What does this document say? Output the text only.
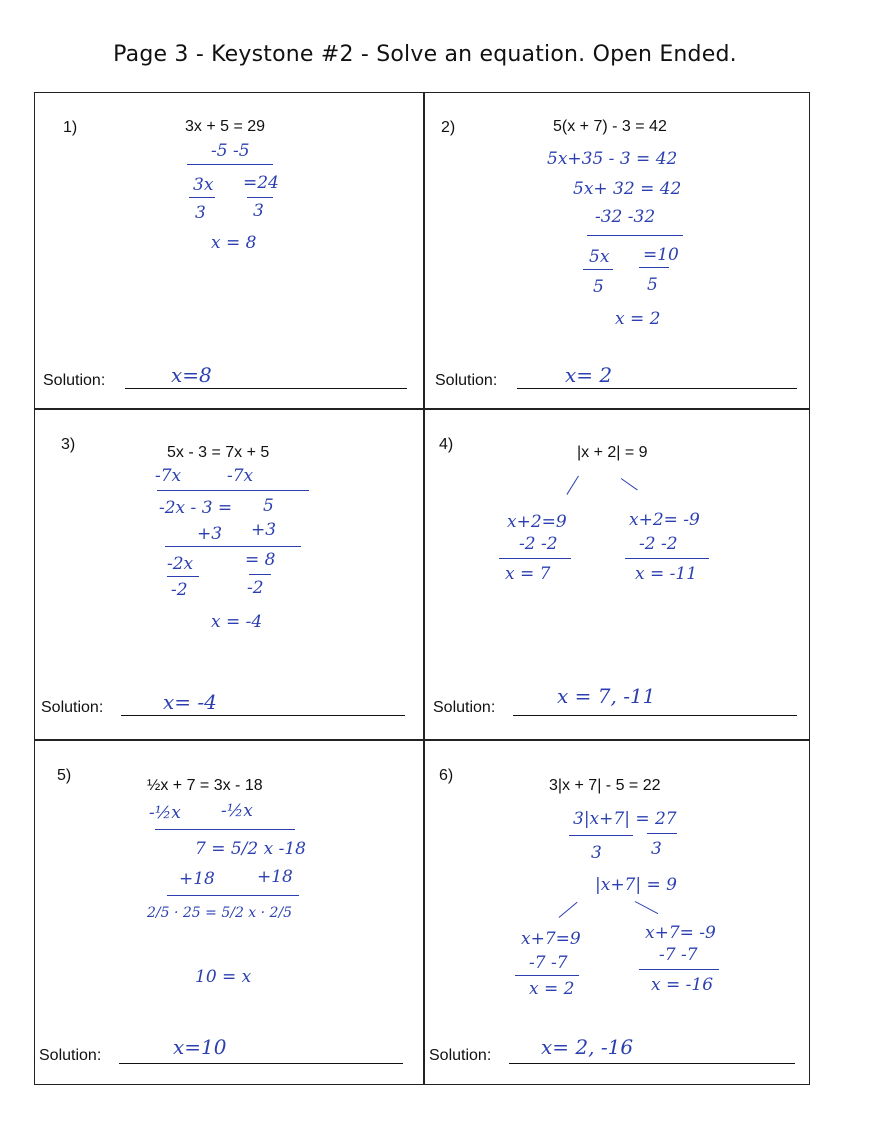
Page 3 - Keystone #2 - Solve an equation. Open Ended.
1)	3x + 5 = 29
-5 -5
3x =24
3	3
x = 8
Solution:	x=8
2)	5(x + 7) - 3 = 42
5x+35 - 3 = 42
5x+ 32 = 42
-32 -32
5x =10
5	5
x = 2
Solution:	x= 2
3)	5x - 3 = 7x + 5
-7x	-7x
-2x - 3 = 5
+3 +3
-2x	= 8
-2	-2
x = -4
Solution:	x= -4
4)	|x + 2| = 9
x+2=9
-2 -2
x = 7
x+2= -9
-2 -2
x = -11
Solution:	x = 7, -11
5)
½x + 7 = 3x - 18
-½x -½x
7 = 5/2 x -18
+18 +18
2/5 · 25 = 5/2 x · 2/5
10 = x
Solution:	x=10
6)
3|x + 7| - 5 = 22
3|x+7| = 27
3	3
|x+7| = 9
x+7=9
-7 -7
x = 2
x+7= -9
-7 -7
x = -16
Solution: x= 2, -16
